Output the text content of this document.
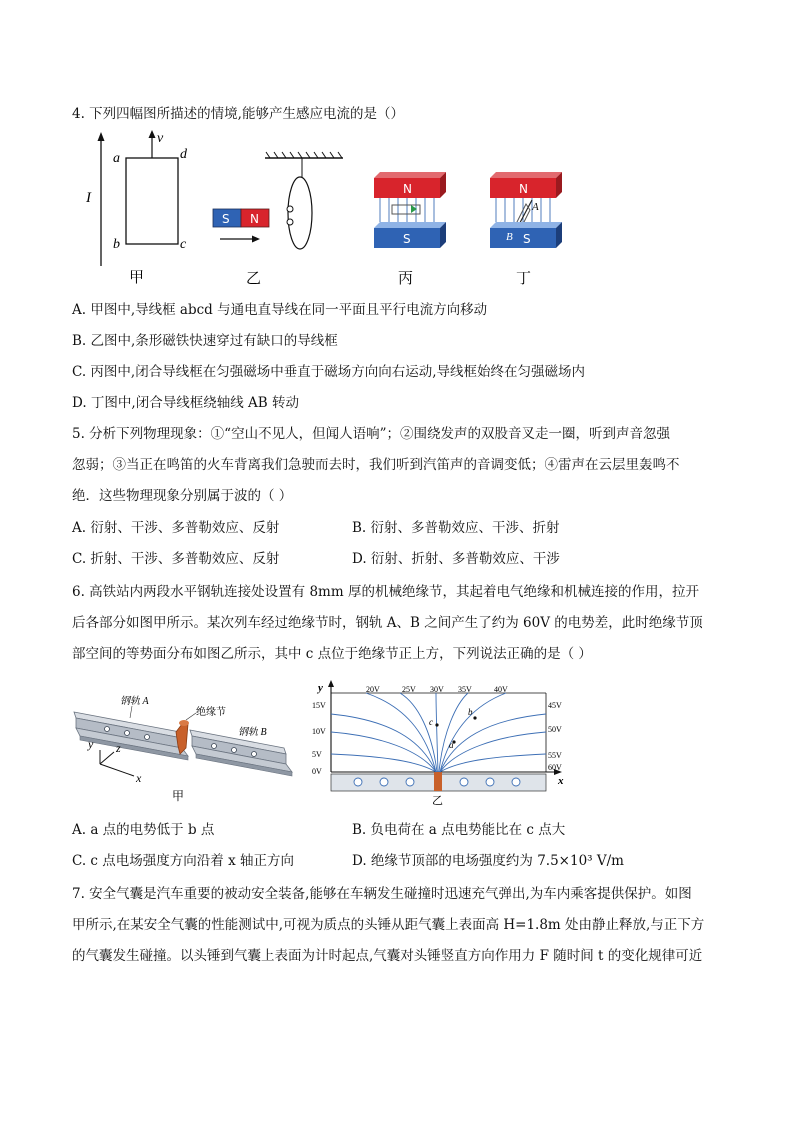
4. 下列四幅图所描述的情境,能够产生感应电流的是（）
I
v
a	d
b	c
甲
S N
乙
N
S
丙
N
A
B S
丁
A. 甲图中,导线框 abcd 与通电直导线在同一平面且平行电流方向移动
B. 乙图中,条形磁铁快速穿过有缺口的导线框
C. 丙图中,闭合导线框在匀强磁场中垂直于磁场方向向右运动,导线框始终在匀强磁场内
D. 丁图中,闭合导线框绕轴线 AB 转动
5. 分析下列物理现象：①“空山不见人，但闻人语响”；②围绕发声的双股音叉走一圈，听到声音忽强
忽弱；③当正在鸣笛的火车背离我们急驶而去时，我们听到汽笛声的音调变低；④雷声在云层里轰鸣不
绝．这些物理现象分别属于波的（ ）
A. 衍射、干涉、多普勒效应、反射	B. 衍射、多普勒效应、干涉、折射
C. 折射、干涉、多普勒效应、反射	D. 衍射、折射、多普勒效应、干涉
6. 高铁站内两段水平钢轨连接处设置有 8mm 厚的机械绝缘节，其起着电气绝缘和机械连接的作用，拉开
后各部分如图甲所示。某次列车经过绝缘节时，钢轨 A、B 之间产生了约为 60V 的电势差，此时绝缘节顶
部空间的等势面分布如图乙所示，其中 c 点位于绝缘节正上方，下列说法正确的是（ ）
钢轨 A
绝缘节
钢轨 B
y z
x
甲
y
x
15V
10V
5V
0V
20V	25V 30V 35V	40V
45V
50V
55V
60V
a
b
c
乙
A. a 点的电势低于 b 点	B. 负电荷在 a 点电势能比在 c 点大
C. c 点电场强度方向沿着 x 轴正方向	D. 绝缘节顶部的电场强度约为 7.5×10³ V/m
7. 安全气囊是汽车重要的被动安全装备,能够在车辆发生碰撞时迅速充气弹出,为车内乘客提供保护。如图
甲所示,在某安全气囊的性能测试中,可视为质点的头锤从距气囊上表面高 H=1.8m 处由静止释放,与正下方
的气囊发生碰撞。以头锤到气囊上表面为计时起点,气囊对头锤竖直方向作用力 F 随时间 t 的变化规律可近
